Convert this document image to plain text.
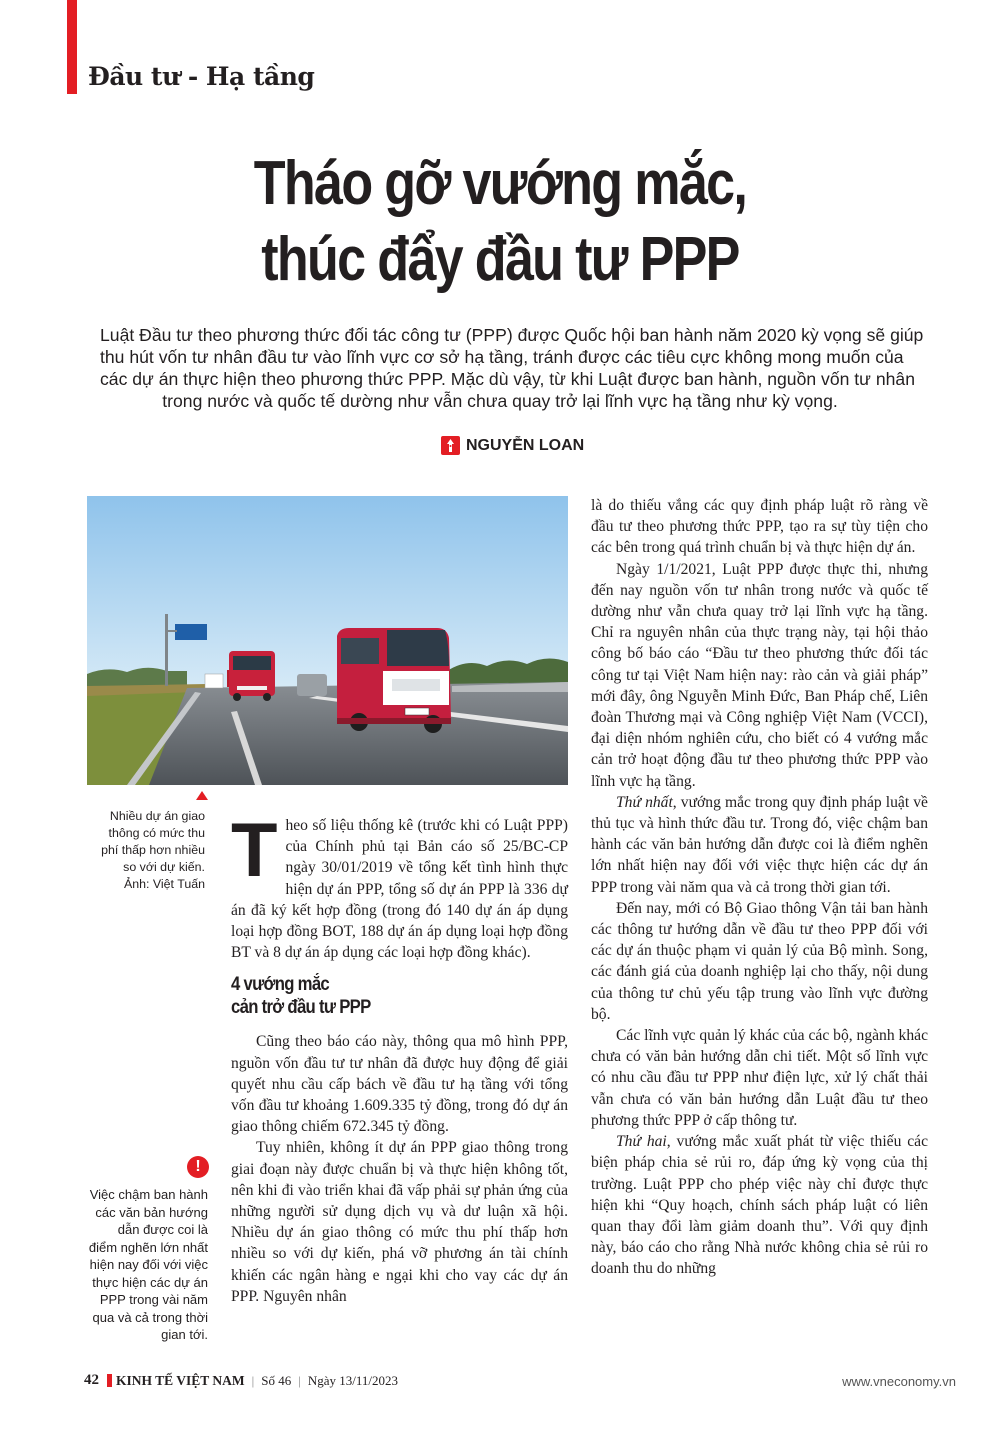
Đầu tư - Hạ tầng
Tháo gỡ vướng mắc,
thúc đẩy đầu tư PPP
Luật Đầu tư theo phương thức đối tác công tư (PPP) được Quốc hội ban hành năm 2020 kỳ vọng sẽ giúp
thu hút vốn tư nhân đầu tư vào lĩnh vực cơ sở hạ tầng, tránh được các tiêu cực không mong muốn của
các dự án thực hiện theo phương thức PPP. Mặc dù vậy, từ khi Luật được ban hành, nguồn vốn tư nhân
trong nước và quốc tế dường như vẫn chưa quay trở lại lĩnh vực hạ tầng như kỳ vọng.
NGUYỄN LOAN
Nhiều dự án giao
thông có mức thu
phí thấp hơn nhiều
so với dự kiến.
Ảnh: Việt Tuấn
!
Việc chậm ban hành
các văn bản hướng
dẫn được coi là
điểm nghẽn lớn nhất
hiện nay đối với việc
thực hiện các dự án
PPP trong vài năm
qua và cả trong thời
gian tới.

Theo số liệu thống kê (trước khi có Luật PPP) của Chính phủ tại Bản cáo số 25/BC-CP ngày 30/01/2019 về tổng kết tình hình thực hiện dự án PPP, tổng số dự án PPP là 336 dự án đã ký kết hợp đồng (trong đó 140 dự án áp dụng loại hợp đồng BOT, 188 dự án áp dụng loại hợp đồng BT và 8 dự án áp dụng các loại hợp đồng khác).

4 vướng mắc
cản trở đầu tư PPP

Cũng theo báo cáo này, thông qua mô hình PPP, nguồn vốn đầu tư tư nhân đã được huy động để giải quyết nhu cầu cấp bách về đầu tư hạ tầng với tổng vốn đầu tư khoảng 1.609.335 tỷ đồng, trong đó dự án giao thông chiếm 672.345 tỷ đồng.

Tuy nhiên, không ít dự án PPP giao thông trong giai đoạn này được chuẩn bị và thực hiện không tốt, nên khi đi vào triển khai đã vấp phải sự phản ứng của những người sử dụng dịch vụ và dư luận xã hội. Nhiều dự án giao thông có mức thu phí thấp hơn nhiều so với dự kiến, phá vỡ phương án tài chính khiến các ngân hàng e ngại khi cho vay các dự án PPP. Nguyên nhân

là do thiếu vắng các quy định pháp luật rõ ràng về đầu tư theo phương thức PPP, tạo ra sự tùy tiện cho các bên trong quá trình chuẩn bị và thực hiện dự án.

Ngày 1/1/2021, Luật PPP được thực thi, nhưng đến nay nguồn vốn tư nhân trong nước và quốc tế dường như vẫn chưa quay trở lại lĩnh vực hạ tầng. Chỉ ra nguyên nhân của thực trạng này, tại hội thảo công bố báo cáo “Đầu tư theo phương thức đối tác công tư tại Việt Nam hiện nay: rào cản và giải pháp” mới đây, ông Nguyễn Minh Đức, Ban Pháp chế, Liên đoàn Thương mại và Công nghiệp Việt Nam (VCCI), đại diện nhóm nghiên cứu, cho biết có 4 vướng mắc cản trở hoạt động đầu tư theo phương thức PPP vào lĩnh vực hạ tầng.

Thứ nhất, vướng mắc trong quy định pháp luật về thủ tục và hình thức đầu tư. Trong đó, việc chậm ban hành các văn bản hướng dẫn được coi là điểm nghẽn lớn nhất hiện nay đối với việc thực hiện các dự án PPP trong vài năm qua và cả trong thời gian tới.

Đến nay, mới có Bộ Giao thông Vận tải ban hành các thông tư hướng dẫn về đầu tư theo PPP đối với các dự án thuộc phạm vi quản lý của Bộ mình. Song, các đánh giá của doanh nghiệp lại cho thấy, nội dung của thông tư chủ yếu tập trung vào lĩnh vực đường bộ.

Các lĩnh vực quản lý khác của các bộ, ngành khác chưa có văn bản hướng dẫn chi tiết. Một số lĩnh vực có nhu cầu đầu tư PPP như điện lực, xử lý chất thải vẫn chưa có văn bản hướng dẫn Luật đầu tư theo phương thức PPP ở cấp thông tư.

Thứ hai, vướng mắc xuất phát từ việc thiếu các biện pháp chia sẻ rủi ro, đáp ứng kỳ vọng của thị trường. Luật PPP cho phép việc này chỉ được thực hiện khi “Quy hoạch, chính sách pháp luật có liên quan thay đổi làm giảm doanh thu”. Với quy định này, báo cáo cho rằng Nhà nước không chia sẻ rủi ro doanh thu do những

42 KINH TẾ VIỆT NAM | Số 46 | Ngày 13/11/2023	www.vneconomy.vn
